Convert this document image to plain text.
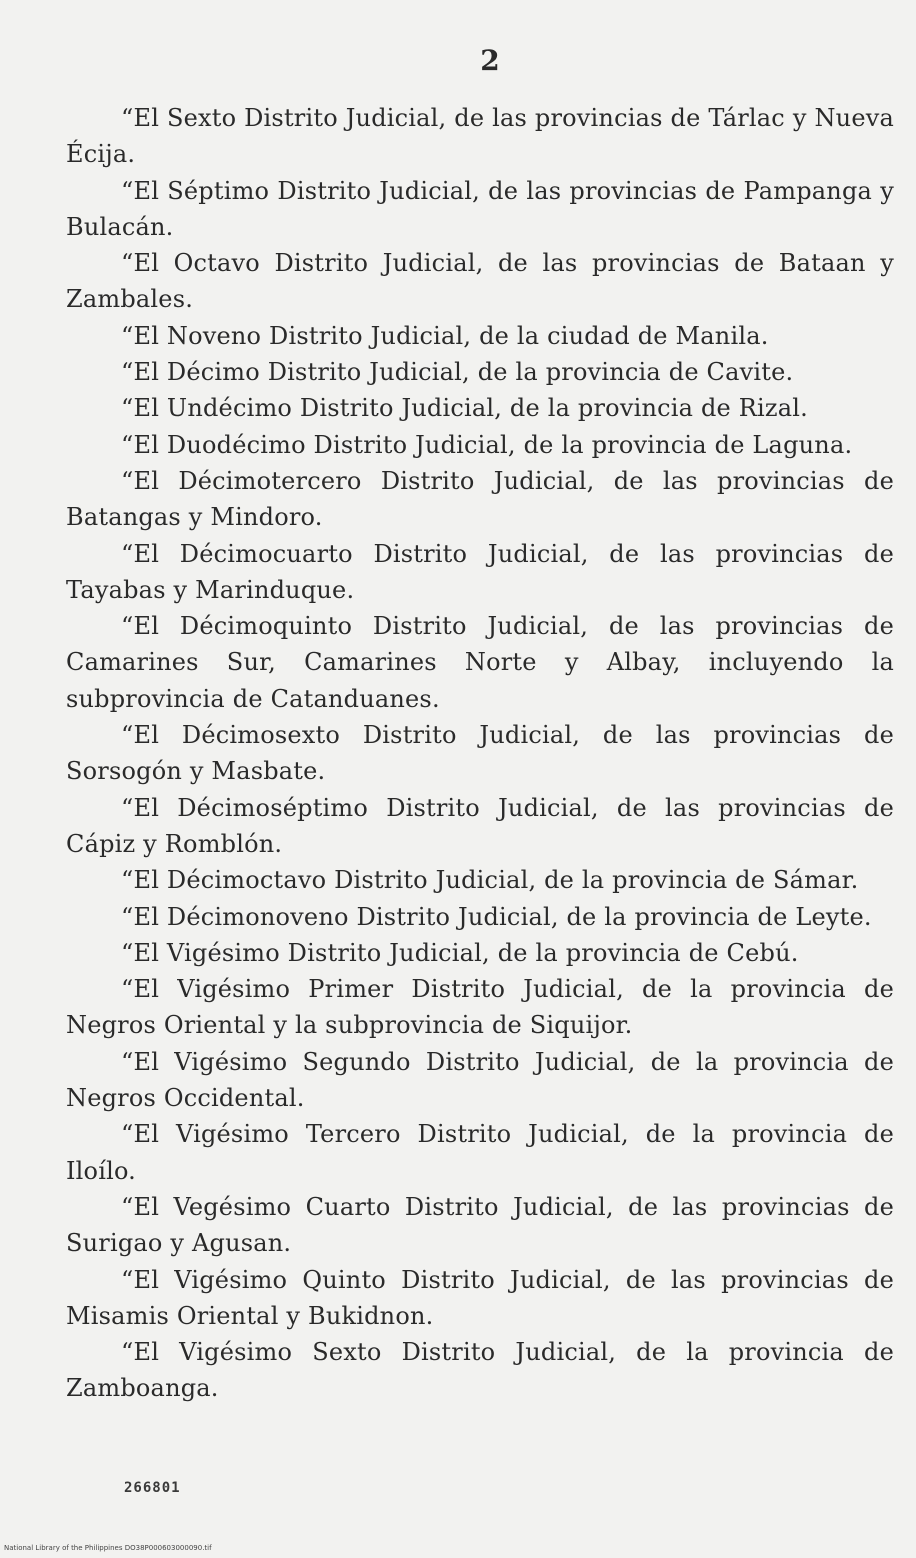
2

“El Sexto Distrito Judicial, de las provincias de Tárlac y Nueva Écija.

“El Séptimo Distrito Judicial, de las provincias de Pampanga y Bulacán.

“El Octavo Distrito Judicial, de las provincias de Bataan y Zambales.

“El Noveno Distrito Judicial, de la ciudad de Manila.

“El Décimo Distrito Judicial, de la provincia de Cavite.

“El Undécimo Distrito Judicial, de la provincia de Rizal.

“El Duodécimo Distrito Judicial, de la provincia de Laguna.

“El Décimotercero Distrito Judicial, de las provincias de Batangas y Mindoro.

“El Décimocuarto Distrito Judicial, de las provincias de Tayabas y Marinduque.

“El Décimoquinto Distrito Judicial, de las provincias de Camarines Sur, Camarines Norte y Albay, incluyendo la subprovincia de Catanduanes.

“El Décimosexto Distrito Judicial, de las provincias de Sorsogón y Masbate.

“El Décimoséptimo Distrito Judicial, de las provincias de Cápiz y Romblón.

“El Décimoctavo Distrito Judicial, de la provincia de Sámar.

“El Décimonoveno Distrito Judicial, de la provincia de Leyte.

“El Vigésimo Distrito Judicial, de la provincia de Cebú.

“El Vigésimo Primer Distrito Judicial, de la provincia de Negros Oriental y la subprovincia de Siquijor.

“El Vigésimo Segundo Distrito Judicial, de la provincia de Negros Occidental.

“El Vigésimo Tercero Distrito Judicial, de la provincia de Iloílo.

“El Vegésimo Cuarto Distrito Judicial, de las provincias de Surigao y Agusan.

“El Vigésimo Quinto Distrito Judicial, de las provincias de Misamis Oriental y Bukidnon.

“El Vigésimo Sexto Distrito Judicial, de la provincia de Zamboanga.

266801
National Library of the Philippines DO38P000603000090.tif
